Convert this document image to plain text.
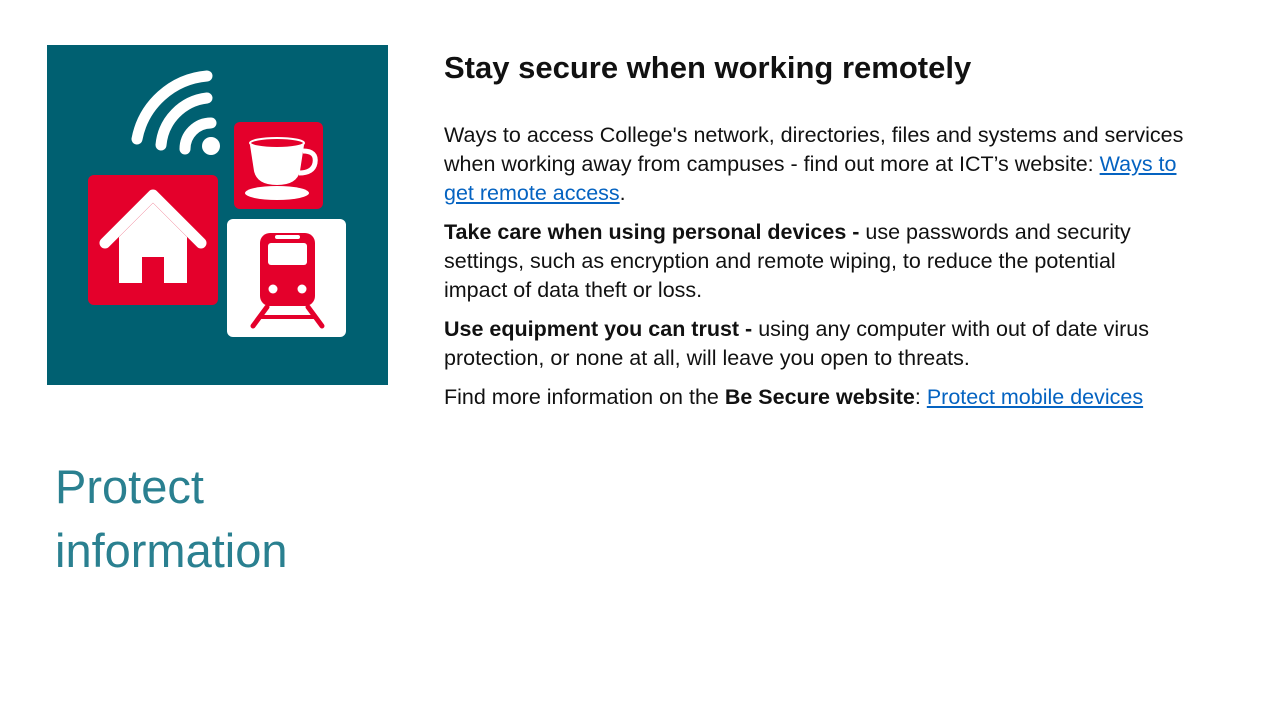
Protect information
Stay secure when working remotely

Ways to access College's network, directories, files and systems and services when working away from campuses - find out more at ICT’s website: Ways to get remote access.

Take care when using personal devices - use passwords and security settings, such as encryption and remote wiping, to reduce the potential impact of data theft or loss.

Use equipment you can trust - using any computer with out of date virus protection, or none at all, will leave you open to threats.

Find more information on the Be Secure website: Protect mobile devices
